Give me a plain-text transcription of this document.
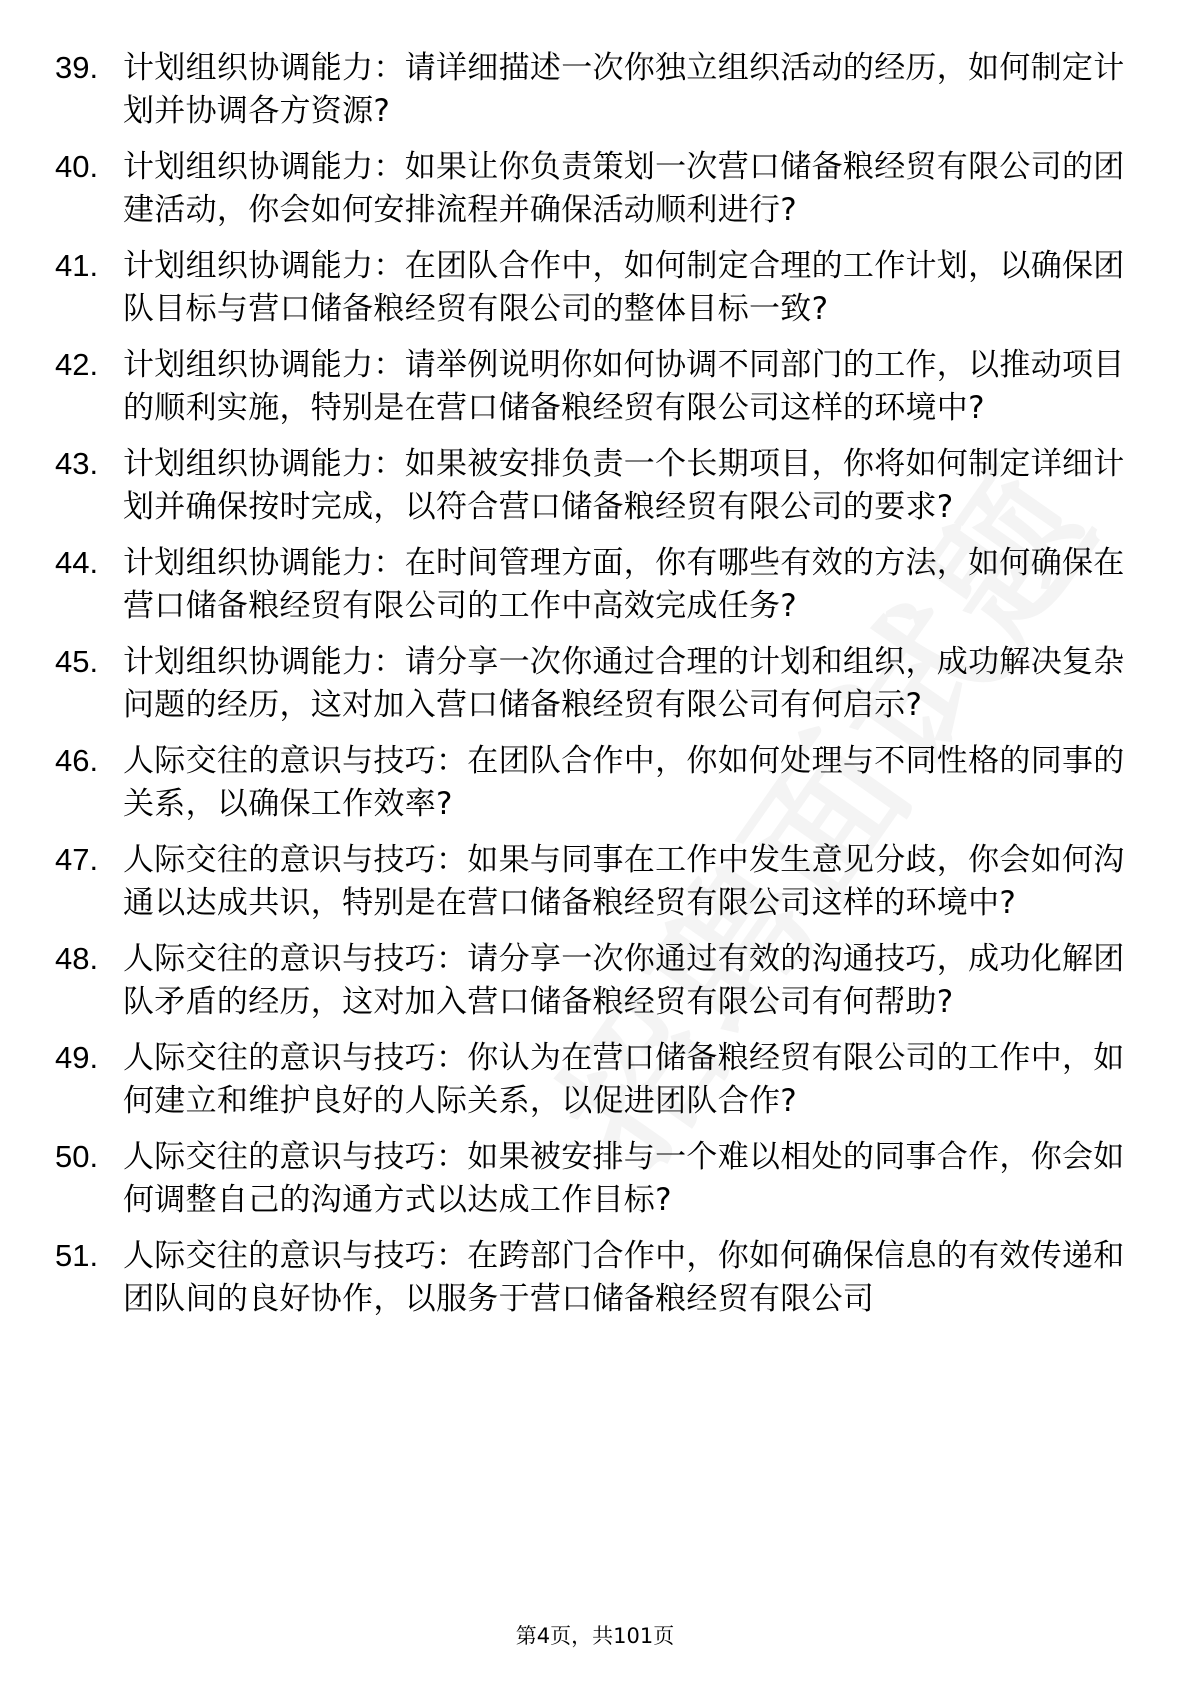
39. 计划组织协调能力：请详细描述一次你独立组织活动的经历，如何制定计划并协调各方资源?
40. 计划组织协调能力：如果让你负责策划一次营口储备粮经贸有限公司的团建活动，你会如何安排流程并确保活动顺利进行?
41. 计划组织协调能力：在团队合作中，如何制定合理的工作计划，以确保团队目标与营口储备粮经贸有限公司的整体目标一致?
42. 计划组织协调能力：请举例说明你如何协调不同部门的工作，以推动项目的顺利实施，特别是在营口储备粮经贸有限公司这样的环境中?
43. 计划组织协调能力：如果被安排负责一个长期项目，你将如何制定详细计划并确保按时完成，以符合营口储备粮经贸有限公司的要求?
44. 计划组织协调能力：在时间管理方面，你有哪些有效的方法，如何确保在营口储备粮经贸有限公司的工作中高效完成任务?
45. 计划组织协调能力：请分享一次你通过合理的计划和组织，成功解决复杂问题的经历，这对加入营口储备粮经贸有限公司有何启示?
46. 人际交往的意识与技巧：在团队合作中，你如何处理与不同性格的同事的关系，以确保工作效率?
47. 人际交往的意识与技巧：如果与同事在工作中发生意见分歧，你会如何沟通以达成共识，特别是在营口储备粮经贸有限公司这样的环境中?
48. 人际交往的意识与技巧：请分享一次你通过有效的沟通技巧，成功化解团队矛盾的经历，这对加入营口储备粮经贸有限公司有何帮助?
49. 人际交往的意识与技巧：你认为在营口储备粮经贸有限公司的工作中，如何建立和维护良好的人际关系，以促进团队合作?
50. 人际交往的意识与技巧：如果被安排与一个难以相处的同事合作，你会如何调整自己的沟通方式以达成工作目标?
51. 人际交往的意识与技巧：在跨部门合作中，你如何确保信息的有效传递和团队间的良好协作，以服务于营口储备粮经贸有限公司
第4页，共101页
